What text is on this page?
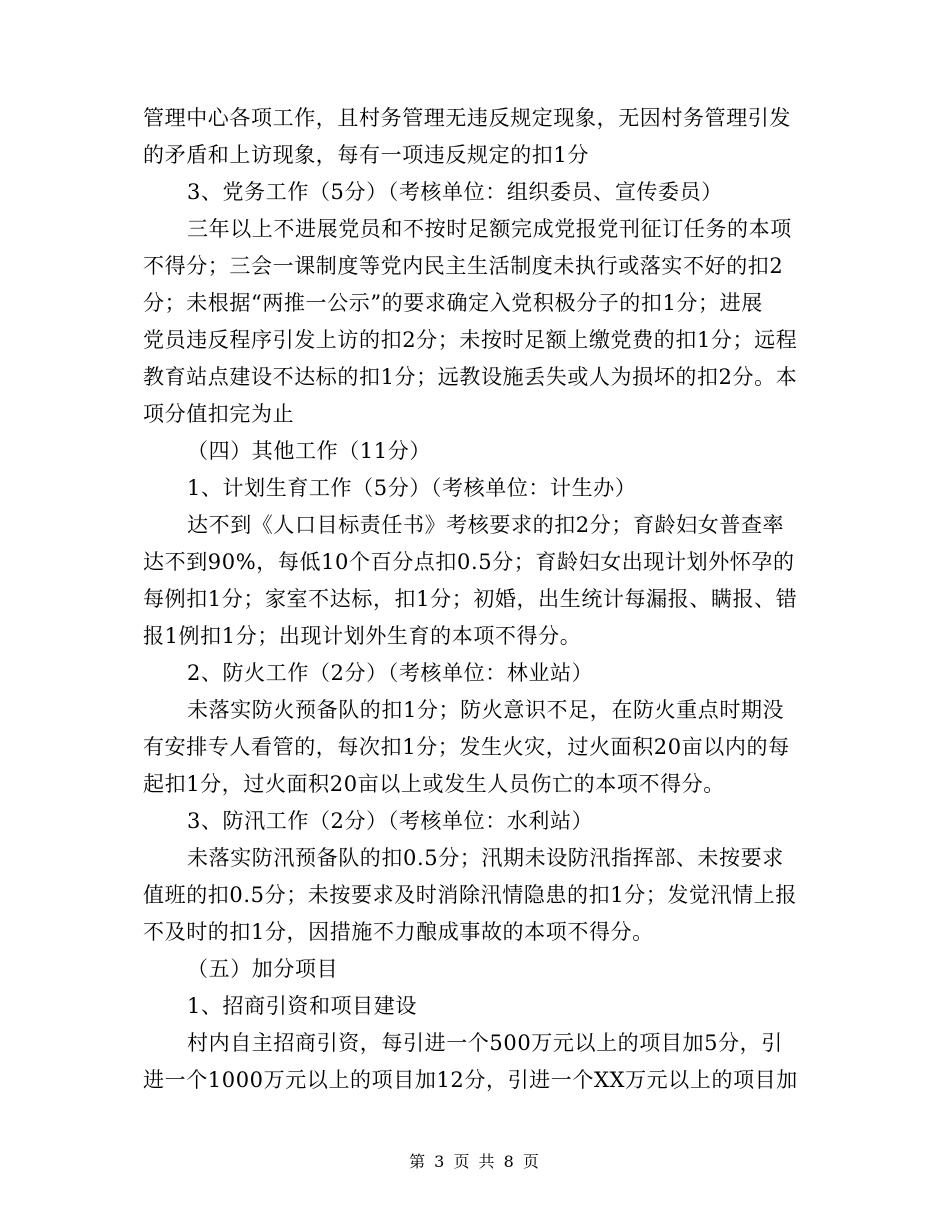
管理中心各项工作，且村务管理无违反规定现象，无因村务管理引发
的矛盾和上访现象，每有一项违反规定的扣1分
3、党务工作（5分）（考核单位：组织委员、宣传委员）
三年以上不进展党员和不按时足额完成党报党刊征订任务的本项
不得分；三会一课制度等党内民主生活制度未执行或落实不好的扣2
分；未根据“两推一公示”的要求确定入党积极分子的扣1分；进展
党员违反程序引发上访的扣2分；未按时足额上缴党费的扣1分；远程
教育站点建设不达标的扣1分；远教设施丢失或人为损坏的扣2分。本
项分值扣完为止
（四）其他工作（11分）
1、计划生育工作（5分）（考核单位：计生办）
达不到《人口目标责任书》考核要求的扣2分；育龄妇女普查率
达不到90%，每低10个百分点扣0.5分；育龄妇女出现计划外怀孕的
每例扣1分；家室不达标，扣1分；初婚，出生统计每漏报、瞒报、错
报1例扣1分；出现计划外生育的本项不得分。
2、防火工作（2分）（考核单位：林业站）
未落实防火预备队的扣1分；防火意识不足，在防火重点时期没
有安排专人看管的，每次扣1分；发生火灾，过火面积20亩以内的每
起扣1分，过火面积20亩以上或发生人员伤亡的本项不得分。
3、防汛工作（2分）（考核单位：水利站）
未落实防汛预备队的扣0.5分；汛期未设防汛指挥部、未按要求
值班的扣0.5分；未按要求及时消除汛情隐患的扣1分；发觉汛情上报
不及时的扣1分，因措施不力酿成事故的本项不得分。
（五）加分项目
1、招商引资和项目建设
村内自主招商引资，每引进一个500万元以上的项目加5分，引
进一个1000万元以上的项目加12分，引进一个XX万元以上的项目加
第 3 页 共 8 页
